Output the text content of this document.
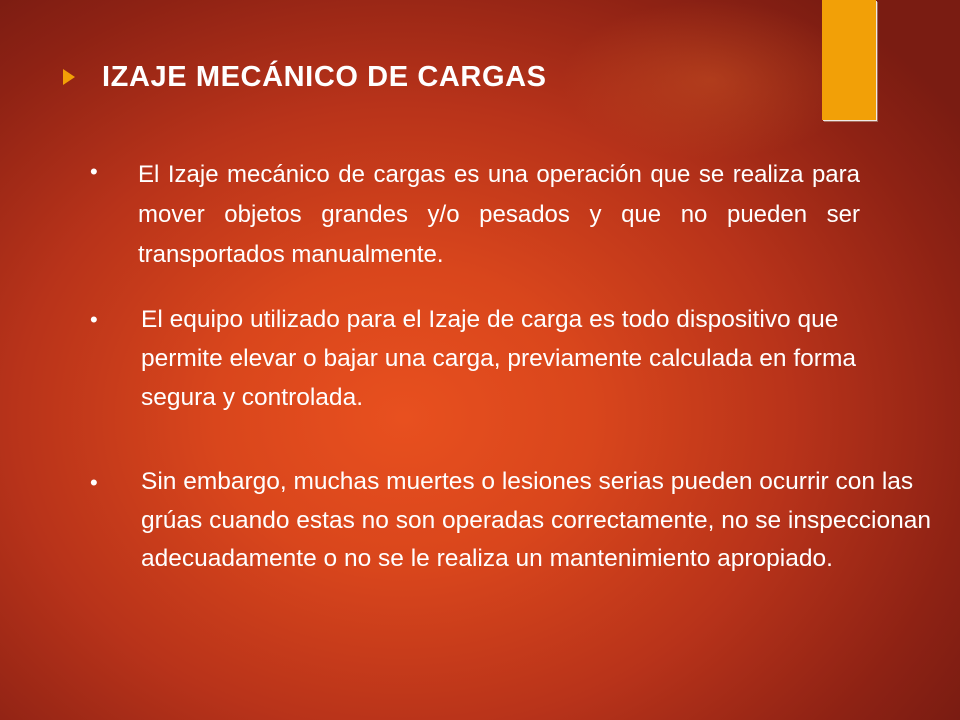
IZAJE MECÁNICO DE CARGAS
•	El Izaje mecánico de cargas es una operación que se realiza para mover objetos grandes y/o pesados y que no pueden ser transportados manualmente.
•	El equipo utilizado para el Izaje de carga es todo dispositivo que permite elevar o bajar una carga, previamente calculada en forma segura y controlada.
•	Sin embargo, muchas muertes o lesiones serias pueden ocurrir con las grúas cuando estas no son operadas correctamente, no se inspeccionan adecuadamente o no se le realiza un mantenimiento apropiado.
